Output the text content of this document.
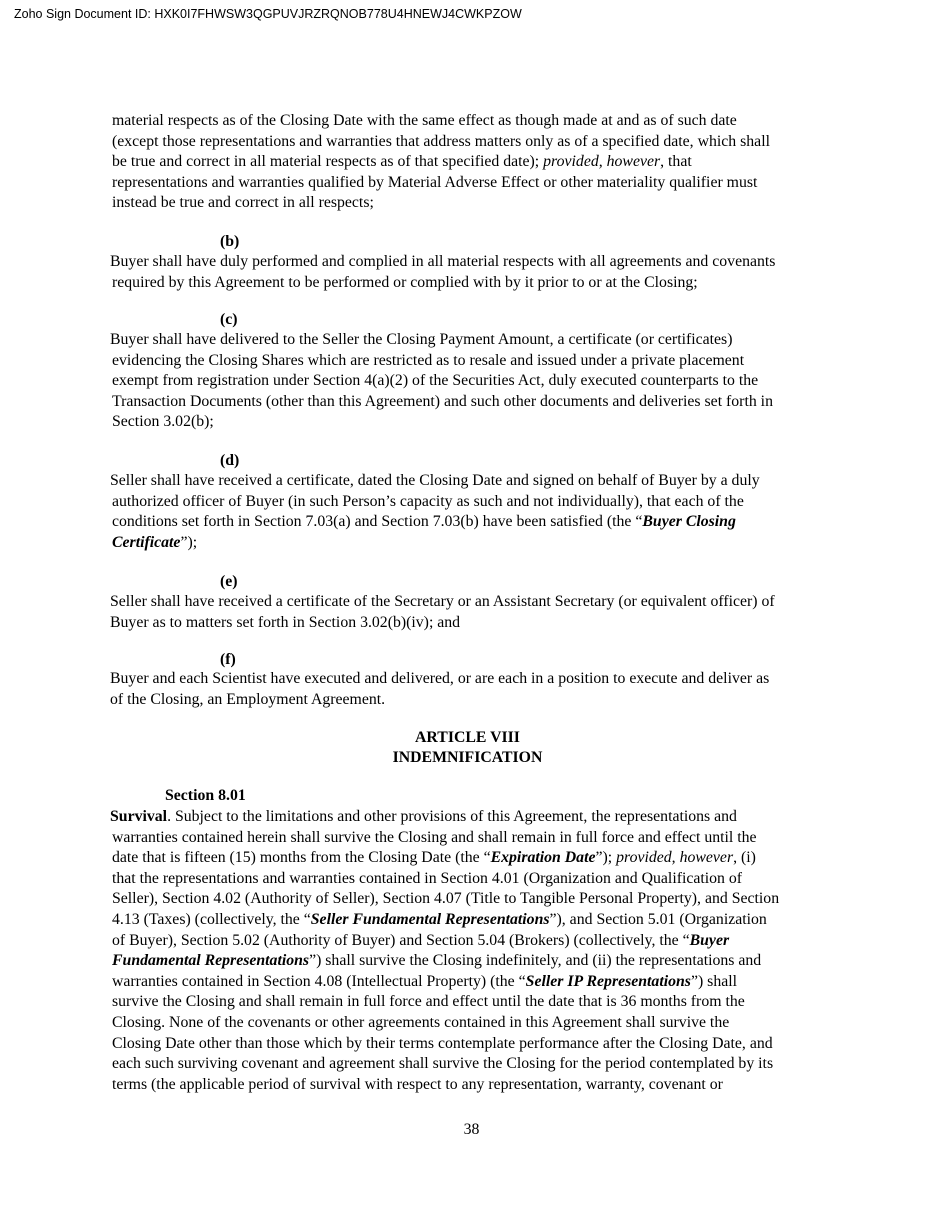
Zoho Sign Document ID: HXK0I7FHWSW3QGPUVJRZRQNOB778U4HNEWJ4CWKPZOW
material respects as of the Closing Date with the same effect as though made at and as of such date
(except those representations and warranties that address matters only as of a specified date, which shall
be true and correct in all material respects as of that specified date); provided, however, that
representations and warranties qualified by Material Adverse Effect or other materiality qualifier must
instead be true and correct in all respects;
(b)
Buyer shall have duly performed and complied in all material respects with all agreements and covenants
required by this Agreement to be performed or complied with by it prior to or at the Closing;
(c)
Buyer shall have delivered to the Seller the Closing Payment Amount, a certificate (or certificates)
evidencing the Closing Shares which are restricted as to resale and issued under a private placement
exempt from registration under Section 4(a)(2) of the Securities Act, duly executed counterparts to the
Transaction Documents (other than this Agreement) and such other documents and deliveries set forth in
Section 3.02(b);
(d)
Seller shall have received a certificate, dated the Closing Date and signed on behalf of Buyer by a duly
authorized officer of Buyer (in such Person’s capacity as such and not individually), that each of the
conditions set forth in Section 7.03(a) and Section 7.03(b) have been satisfied (the “Buyer Closing
Certificate”);
(e)
Seller shall have received a certificate of the Secretary or an Assistant Secretary (or equivalent officer) of
Buyer as to matters set forth in Section 3.02(b)(iv); and
(f)
Buyer and each Scientist have executed and delivered, or are each in a position to execute and deliver as
of the Closing, an Employment Agreement.
ARTICLE VIII
INDEMNIFICATION
Section 8.01
Survival. Subject to the limitations and other provisions of this Agreement, the representations and
warranties contained herein shall survive the Closing and shall remain in full force and effect until the
date that is fifteen (15) months from the Closing Date (the “Expiration Date”); provided, however, (i)
that the representations and warranties contained in Section 4.01 (Organization and Qualification of
Seller), Section 4.02 (Authority of Seller), Section 4.07 (Title to Tangible Personal Property), and Section
4.13 (Taxes) (collectively, the “Seller Fundamental Representations”), and Section 5.01 (Organization
of Buyer), Section 5.02 (Authority of Buyer) and Section 5.04 (Brokers) (collectively, the “Buyer
Fundamental Representations”) shall survive the Closing indefinitely, and (ii) the representations and
warranties contained in Section 4.08 (Intellectual Property) (the “Seller IP Representations”) shall
survive the Closing and shall remain in full force and effect until the date that is 36 months from the
Closing. None of the covenants or other agreements contained in this Agreement shall survive the
Closing Date other than those which by their terms contemplate performance after the Closing Date, and
each such surviving covenant and agreement shall survive the Closing for the period contemplated by its
terms (the applicable period of survival with respect to any representation, warranty, covenant or
38
